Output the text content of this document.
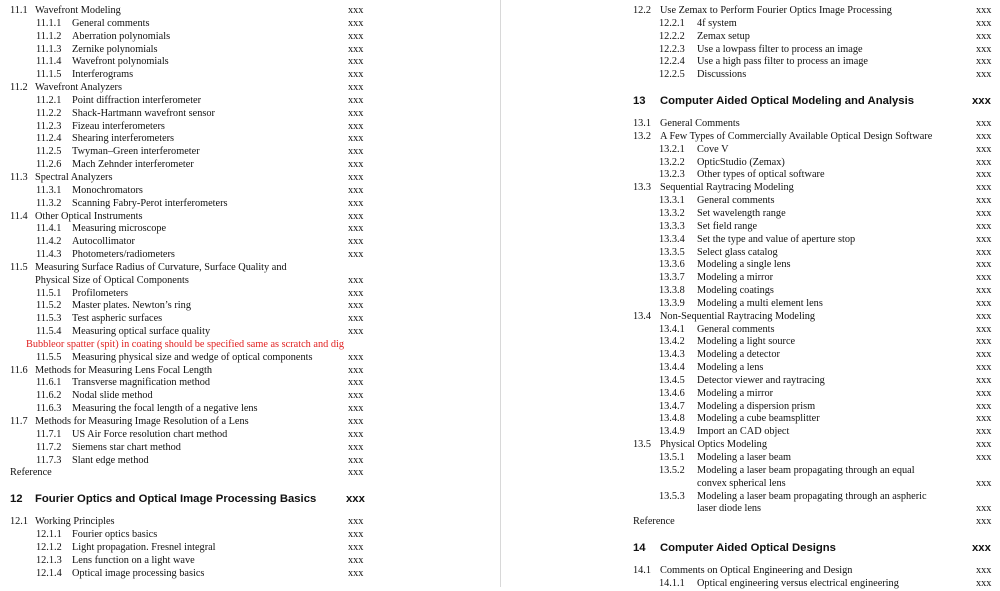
11.1 Wavefront Modeling	xxx
11.1.1 General comments	xxx
11.1.2 Aberration polynomials	xxx
11.1.3 Zernike polynomials	xxx
11.1.4 Wavefront polynomials	xxx
11.1.5 Interferograms	xxx
11.2 Wavefront Analyzers	xxx
11.2.1 Point diffraction interferometer	xxx
11.2.2 Shack-Hartmann wavefront sensor	xxx
11.2.3 Fizeau interferometers	xxx
11.2.4 Shearing interferometers	xxx
11.2.5 Twyman–Green interferometer	xxx
11.2.6 Mach Zehnder interferometer	xxx
11.3 Spectral Analyzers	xxx
11.3.1 Monochromators	xxx
11.3.2 Scanning Fabry-Perot interferometers	xxx
11.4 Other Optical Instruments	xxx
11.4.1 Measuring microscope	xxx
11.4.2 Autocollimator	xxx
11.4.3 Photometers/radiometers	xxx
11.5 Measuring Surface Radius of Curvature, Surface Quality and
Physical Size of Optical Components	xxx
11.5.1 Profilometers	xxx
11.5.2 Master plates. Newton’s ring	xxx
11.5.3 Test aspheric surfaces	xxx
11.5.4 Measuring optical surface quality	xxx
Bubbleor spatter (spit) in coating should be specified same as scratch and dig
11.5.5 Measuring physical size and wedge of optical components	xxx
11.6 Methods for Measuring Lens Focal Length	xxx
11.6.1 Transverse magnification method	xxx
11.6.2 Nodal slide method	xxx
11.6.3 Measuring the focal length of a negative lens	xxx
11.7 Methods for Measuring Image Resolution of a Lens	xxx
11.7.1 US Air Force resolution chart method	xxx
11.7.2 Siemens star chart method	xxx
11.7.3 Slant edge method	xxx
Reference	xxx
12 Fourier Optics and Optical Image Processing Basics	xxx
12.1 Working Principles	xxx
12.1.1 Fourier optics basics	xxx
12.1.2 Light propagation. Fresnel integral	xxx
12.1.3 Lens function on a light wave	xxx
12.1.4 Optical image processing basics	xxx
12.2 Use Zemax to Perform Fourier Optics Image Processing	xxx
12.2.1 4f system	xxx
12.2.2 Zemax setup	xxx
12.2.3 Use a lowpass filter to process an image	xxx
12.2.4 Use a high pass filter to process an image	xxx
12.2.5 Discussions	xxx
13 Computer Aided Optical Modeling and Analysis	xxx
13.1 General Comments	xxx
13.2 A Few Types of Commercially Available Optical Design Software	xxx
13.2.1 Cove V	xxx
13.2.2 OpticStudio (Zemax)	xxx
13.2.3 Other types of optical software	xxx
13.3 Sequential Raytracing Modeling	xxx
13.3.1 General comments	xxx
13.3.2 Set wavelength range	xxx
13.3.3 Set field range	xxx
13.3.4 Set the type and value of aperture stop	xxx
13.3.5 Select glass catalog	xxx
13.3.6 Modeling a single lens	xxx
13.3.7 Modeling a mirror	xxx
13.3.8 Modeling coatings	xxx
13.3.9 Modeling a multi element lens	xxx
13.4 Non-Sequential Raytracing Modeling	xxx
13.4.1 General comments	xxx
13.4.2 Modeling a light source	xxx
13.4.3 Modeling a detector	xxx
13.4.4 Modeling a lens	xxx
13.4.5 Detector viewer and raytracing	xxx
13.4.6 Modeling a mirror	xxx
13.4.7 Modeling a dispersion prism	xxx
13.4.8 Modeling a cube beamsplitter	xxx
13.4.9 Import an CAD object	xxx
13.5 Physical Optics Modeling	xxx
13.5.1 Modeling a laser beam	xxx
13.5.2 Modeling a laser beam propagating through an equal
convex spherical lens	xxx
13.5.3 Modeling a laser beam propagating through an aspheric
laser diode lens	xxx
Reference	xxx
14 Computer Aided Optical Designs	xxx
14.1 Comments on Optical Engineering and Design	xxx
14.1.1 Optical engineering versus electrical engineering	xxx
